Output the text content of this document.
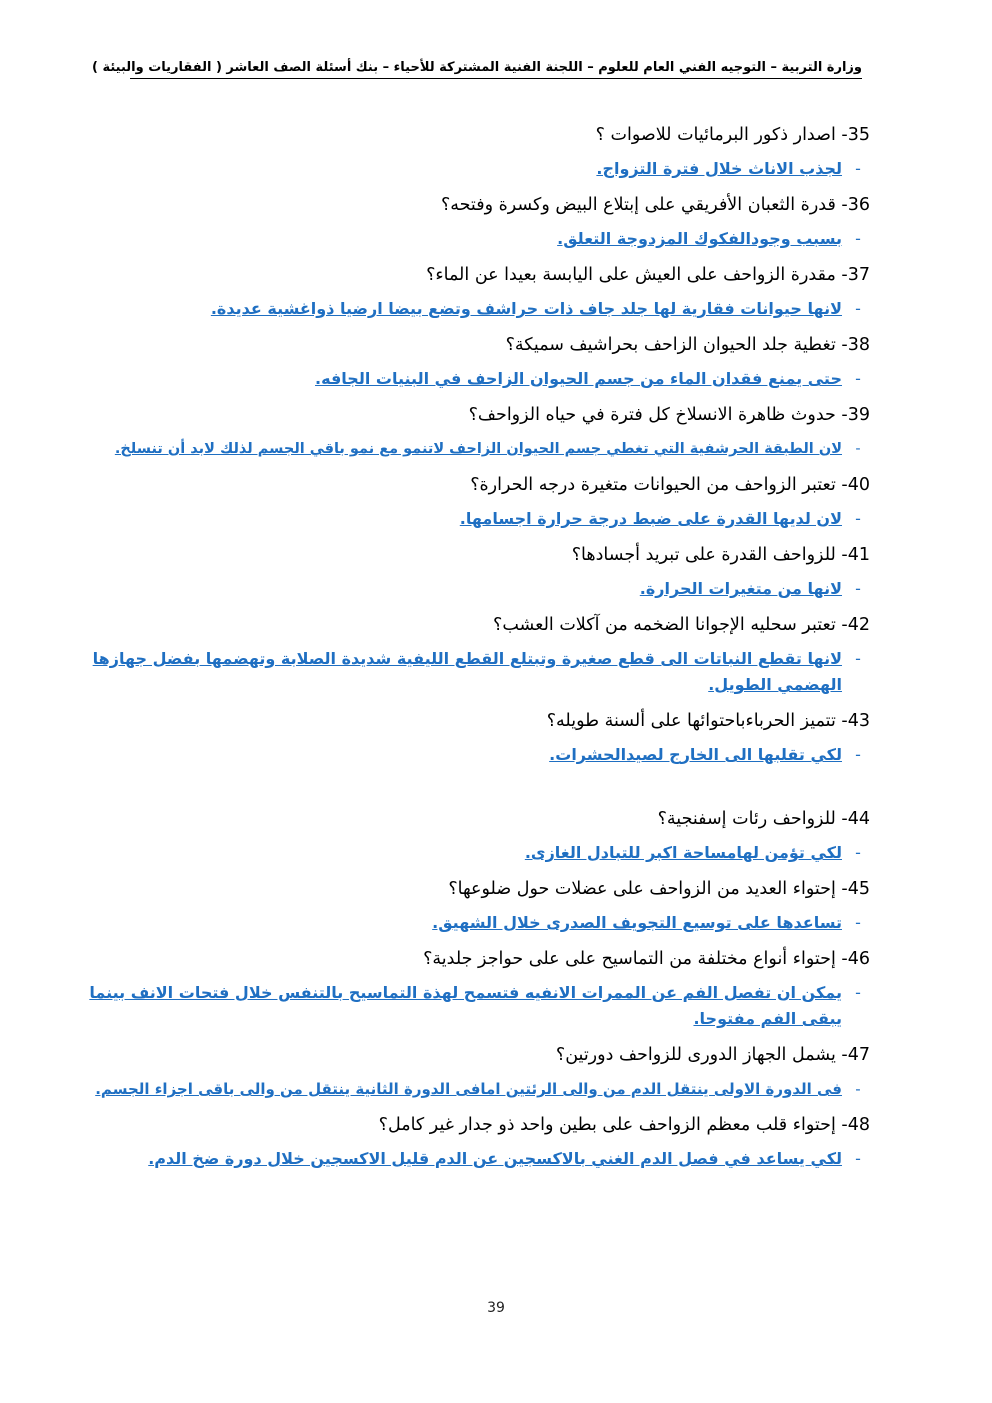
وزارة التربية – التوجيه الفني العام للعلوم – اللجنة الفنية المشتركة للأحياء – بنك أسئلة الصف العاشر ( الفقاريات والبيئة )
35- اصدار ذكور البرمائيات للاصوات ؟
-
لجذب الاناث خلال فترة التزواج.
36- قدرة الثعبان الأفريقي على إبتلاع البيض وكسرة وفتحه؟
-
بسبب وجودالفكوك المزدوجة التعلق.
37- مقدرة الزواحف على العيش على اليابسة بعيدا عن الماء؟
-
لانها حيوانات فقارية لها جلد جاف ذات حراشف وتضع بيضا ارضيا ذواغشية عديدة.
38- تغطية جلد الحيوان الزاحف بحراشيف سميكة؟
-
حتى يمنع فقدان الماء من جسم الحيوان الزاحف في البنيات الجافه.
39- حدوث ظاهرة الانسلاخ كل فترة في حياه الزواحف؟
-
لان الطبقة الحرشفية التي تغطي جسم الحيوان الزاحف لاتنمو مع نمو باقي الجسم لذلك لابد أن تنسلخ.
40- تعتبر الزواحف من الحيوانات متغيرة درجه الحرارة؟
-
لان لديها القدرة على ضبط درجة حرارة اجسامها.
41- للزواحف القدرة على تبريد أجسادها؟
-
لانها من متغيرات الحرارة.
42- تعتبر سحليه الإجوانا الضخمه من آكلات العشب؟
-
لانها تقطع النباتات الى قطع صغيرة وتبتلع القطع الليفية شديدة الصلابة وتهضمها بفضل جهازها الهضمي الطويل.
43- تتميز الحرباءباحتوائها على ألسنة طويله؟
-
لكي تقلبها الى الخارج لصيدالحشرات.
44- للزواحف رئات إسفنجية؟
-
لكي تؤمن لهامساحة اكبر للتبادل الغازى.
45- إحتواء العديد من الزواحف على عضلات حول ضلوعها؟
-
تساعدها على توسيع التجويف الصدرى خلال الشهيق.
46- إحتواء أنواع مختلفة من التماسيح على على حواجز جلدية؟
-
يمكن ان تفصل الفم عن الممرات الانفيه فتسمح لهذة التماسيح بالتنفس خلال فتحات الانف بينما يبقى الفم مفتوحا.
47- يشمل الجهاز الدورى للزواحف دورتين؟
-
فى الدورة الاولى ينتقل الدم من والى الرئتين امافى الدورة الثانية ينتقل من والى باقى اجزاء الجسم.
48- إحتواء قلب معظم الزواحف على بطين واحد ذو جدار غير كامل؟
-
لكي يساعد في فصل الدم الغني بالاكسجين عن الدم قليل الاكسجين خلال دورة ضخ الدم.
39
